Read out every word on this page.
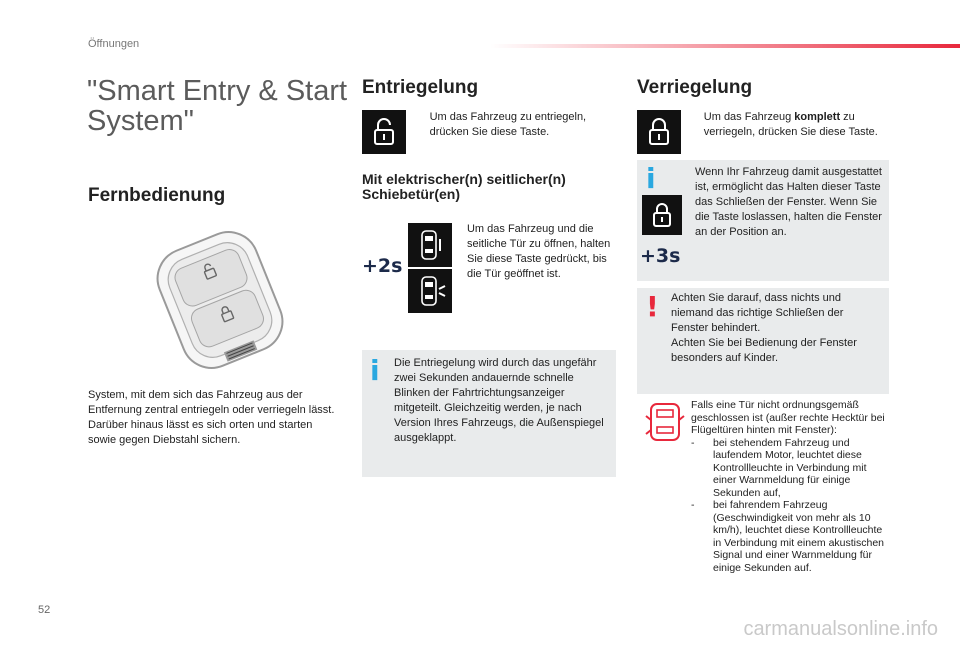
Öffnungen
"Smart Entry & Start System"
Fernbedienung
System, mit dem sich das Fahrzeug aus der Entfernung zentral entriegeln oder verriegeln lässt.
Darüber hinaus lässt es sich orten und starten sowie gegen Diebstahl sichern.
Entriegelung
Um das Fahrzeug zu entriegeln, drücken Sie diese Taste.
Mit elektrischer(n) seitlicher(n) Schiebetür(en)
+2s
Um das Fahrzeug und die seitliche Tür zu öffnen, halten Sie diese Taste gedrückt, bis die Tür geöffnet ist.
i Die Entriegelung wird durch das ungefähr zwei Sekunden andauernde schnelle Blinken der Fahrtrichtungsanzeiger mitgeteilt. Gleichzeitig werden, je nach Version Ihres Fahrzeugs, die Außenspiegel ausgeklappt.
Verriegelung
Um das Fahrzeug komplett zu verriegeln, drücken Sie diese Taste.
i
+3s
Wenn Ihr Fahrzeug damit ausgestattet ist, ermöglicht das Halten dieser Taste das Schließen der Fenster. Wenn Sie die Taste loslassen, halten die Fenster an der Position an.
! Achten Sie darauf, dass nichts und niemand das richtige Schließen der Fenster behindert.
Achten Sie bei Bedienung der Fenster besonders auf Kinder.
Falls eine Tür nicht ordnungsgemäß geschlossen ist (außer rechte Hecktür bei Flügeltüren hinten mit Fenster):
-	bei stehendem Fahrzeug und laufendem Motor, leuchtet diese Kontrollleuchte in Verbindung mit einer Warnmeldung für einige Sekunden auf,
-	bei fahrendem Fahrzeug (Geschwindigkeit von mehr als 10 km/h), leuchtet diese Kontrollleuchte in Verbindung mit einem akustischen Signal und einer Warnmeldung für einige Sekunden auf.
52
carmanualsonline.info
